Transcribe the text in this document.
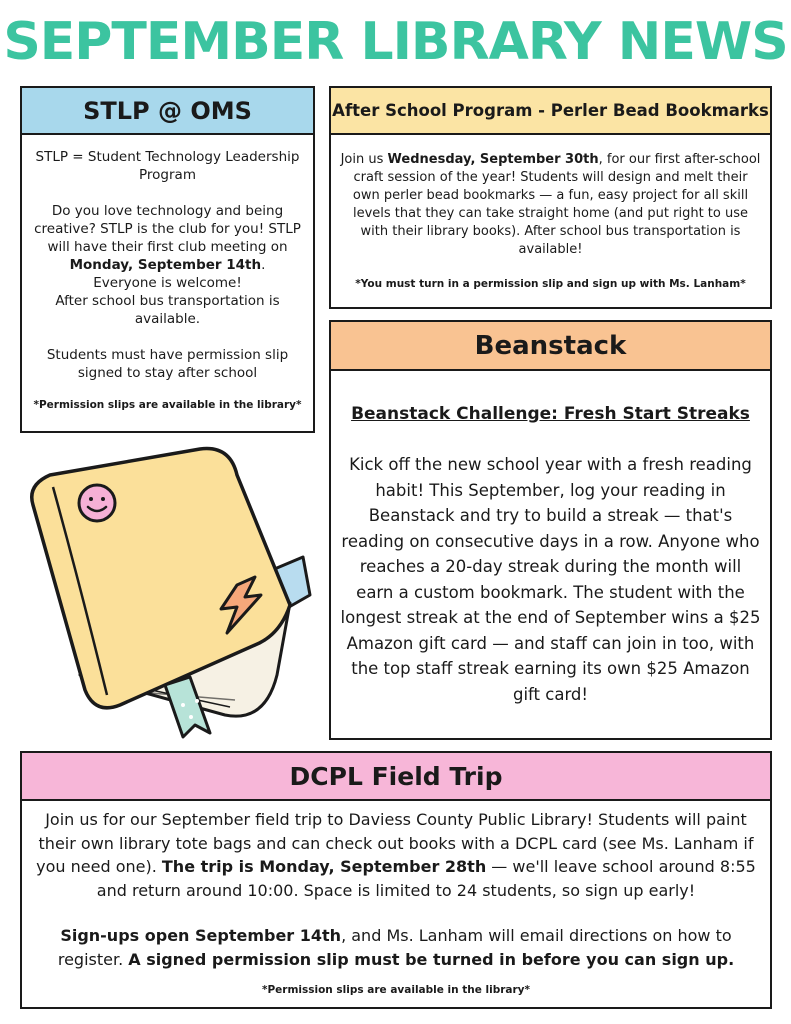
SEPTEMBER LIBRARY NEWS
STLP @ OMS

STLP = Student Technology Leadership Program

Do you love technology and being creative? STLP is the club for you! STLP will have their first club meeting on Monday, September 14th.

Everyone is welcome!

After school bus transportation is available.

Students must have permission slip signed to stay after school

*Permission slips are available in the library*

After School Program - Perler Bead Bookmarks

Join us Wednesday, September 30th, for our first after-school craft session of the year! Students will design and melt their own perler bead bookmarks — a fun, easy project for all skill levels that they can take straight home (and put right to use with their library books). After school bus transportation is available!

*You must turn in a permission slip and sign up with Ms. Lanham*

Beanstack

Beanstack Challenge: Fresh Start Streaks

Kick off the new school year with a fresh reading habit! This September, log your reading in Beanstack and try to build a streak — that's reading on consecutive days in a row. Anyone who reaches a 20-day streak during the month will earn a custom bookmark. The student with the longest streak at the end of September wins a $25 Amazon gift card — and staff can join in too, with the top staff streak earning its own $25 Amazon gift card!

DCPL Field Trip

Join us for our September field trip to Daviess County Public Library! Students will paint their own library tote bags and can check out books with a DCPL card (see Ms. Lanham if you need one). The trip is Monday, September 28th — we'll leave school around 8:55 and return around 10:00. Space is limited to 24 students, so sign up early!

Sign-ups open September 14th, and Ms. Lanham will email directions on how to register. A signed permission slip must be turned in before you can sign up.

*Permission slips are available in the library*
